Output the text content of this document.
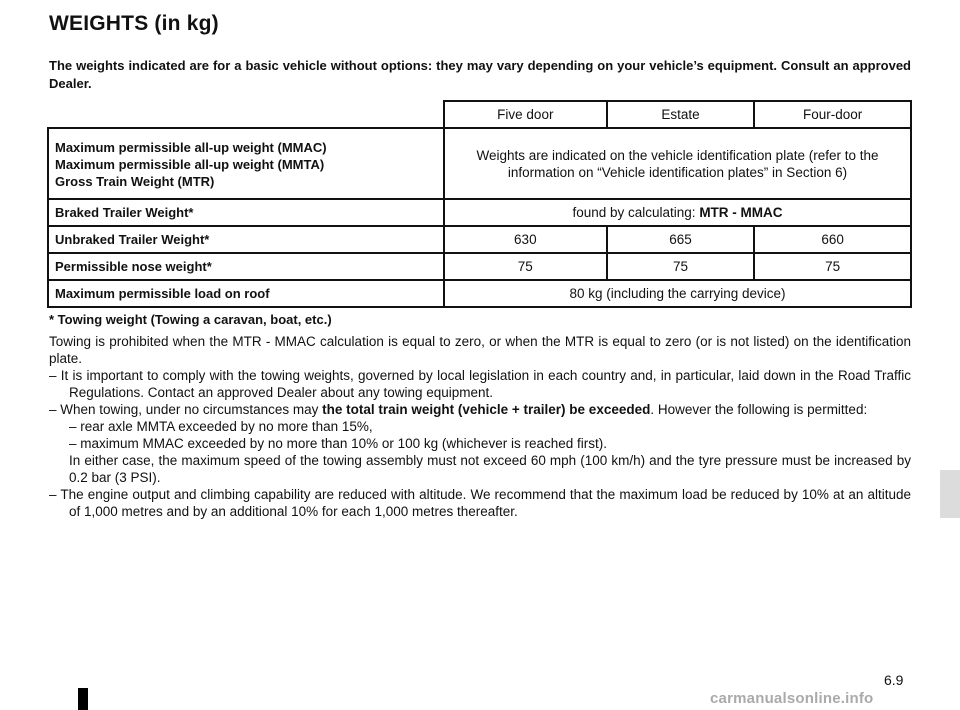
WEIGHTS (in kg)
The weights indicated are for a basic vehicle without options: they may vary depending on your vehicle’s equipment. Consult an approved Dealer.
	Five door	Estate	Four-door

Maximum permissible all-up weight (MMAC)
Maximum permissible all-up weight (MMTA)
Gross Train Weight (MTR)	Weights are indicated on the vehicle identification plate (refer to the information on “Vehicle identification plates” in Section 6)		
Braked Trailer Weight*	found by calculating: MTR - MMAC		
Unbraked Trailer Weight*	630	665	660
Permissible nose weight*	75	75	75
Maximum permissible load on roof	80 kg (including the carrying device)		
* Towing weight (Towing a caravan, boat, etc.)

Towing is prohibited when the MTR - MMAC calculation is equal to zero, or when the MTR is equal to zero (or is not listed) on the identification plate.

– It is important to comply with the towing weights, governed by local legislation in each country and, in particular, laid down in the Road Traffic Regulations. Contact an approved Dealer about any towing equipment.

– When towing, under no circumstances may the total train weight (vehicle + trailer) be exceeded. However the following is permitted:

– rear axle MMTA exceeded by no more than 15%,

– maximum MMAC exceeded by no more than 10% or 100 kg (whichever is reached first).

In either case, the maximum speed of the towing assembly must not exceed 60 mph (100 km/h) and the tyre pressure must be increased by 0.2 bar (3 PSI).

– The engine output and climbing capability are reduced with altitude. We recommend that the maximum load be reduced by 10% at an altitude of 1,000 metres and by an additional 10% for each 1,000 metres thereafter.

6.9
carmanualsonline.info
